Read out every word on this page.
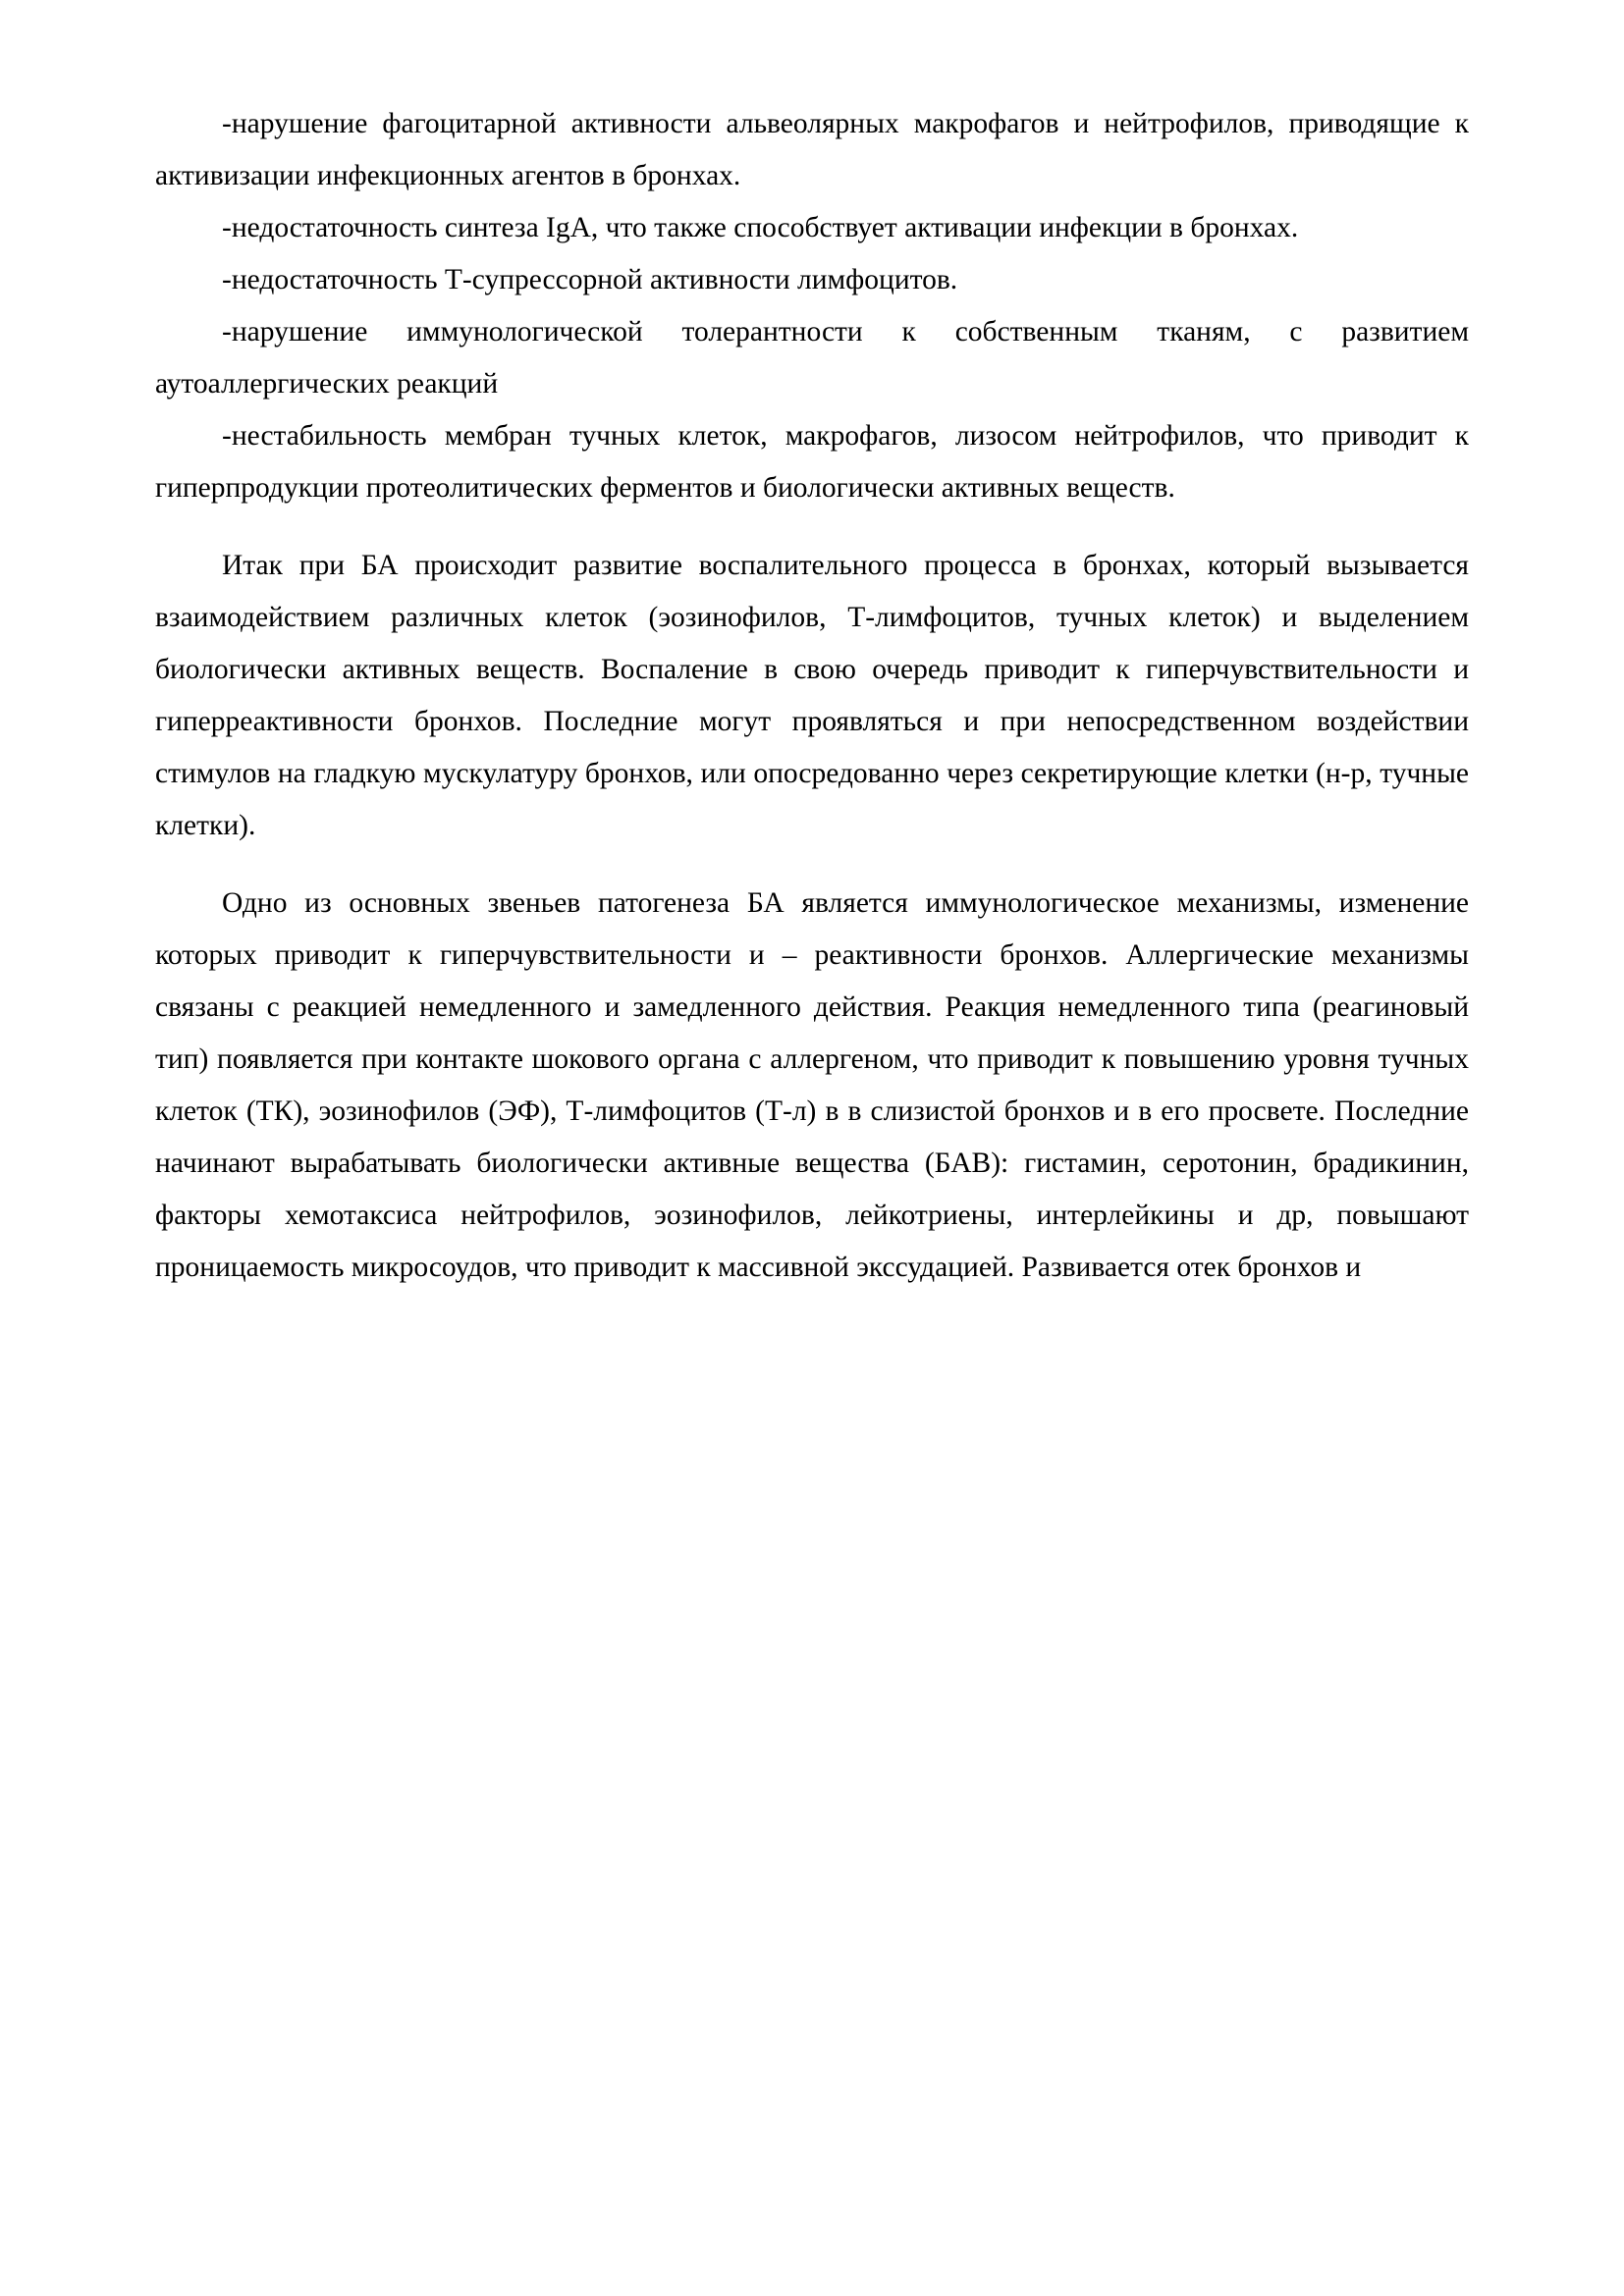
-нарушение фагоцитарной активности альвеолярных макрофагов и нейтрофилов, приводящие к активизации инфекционных агентов в бронхах.

-недостаточность синтеза IgA, что также способствует активации инфекции в бронхах.

-недостаточность Т-супрессорной активности лимфоцитов.

-нарушение иммунологической толерантности к собственным тканям, с развитием аутоаллергических реакций

-нестабильность мембран тучных клеток, макрофагов, лизосом нейтрофилов, что приводит к гиперпродукции протеолитических ферментов и биологически активных веществ.

Итак при БА происходит развитие воспалительного процесса в бронхах, который вызывается взаимодействием различных клеток (эозинофилов, Т-лимфоцитов, тучных клеток) и выделением биологически активных веществ. Воспаление в свою очередь приводит к гиперчувствительности и гиперреактивности бронхов. Последние могут проявляться и при непосредственном воздействии стимулов на гладкую мускулатуру бронхов, или опосредованно через секретирующие клетки (н-р, тучные клетки).

Одно из основных звеньев патогенеза БА является иммунологическое механизмы, изменение которых приводит к гиперчувствительности и – реактивности бронхов. Аллергические механизмы связаны с реакцией немедленного и замедленного действия. Реакция немедленного типа (реагиновый тип) появляется при контакте шокового органа с аллергеном, что приводит к повышению уровня тучных клеток (ТК), эозинофилов (ЭФ), Т-лимфоцитов (Т-л) в в слизистой бронхов и в его просвете. Последние начинают вырабатывать биологически активные вещества (БАВ): гистамин, серотонин, брадикинин, факторы хемотаксиса нейтрофилов, эозинофилов, лейкотриены, интерлейкины и др, повышают проницаемость микросоудов, что приводит к массивной экссудацией. Развивается отек бронхов и
